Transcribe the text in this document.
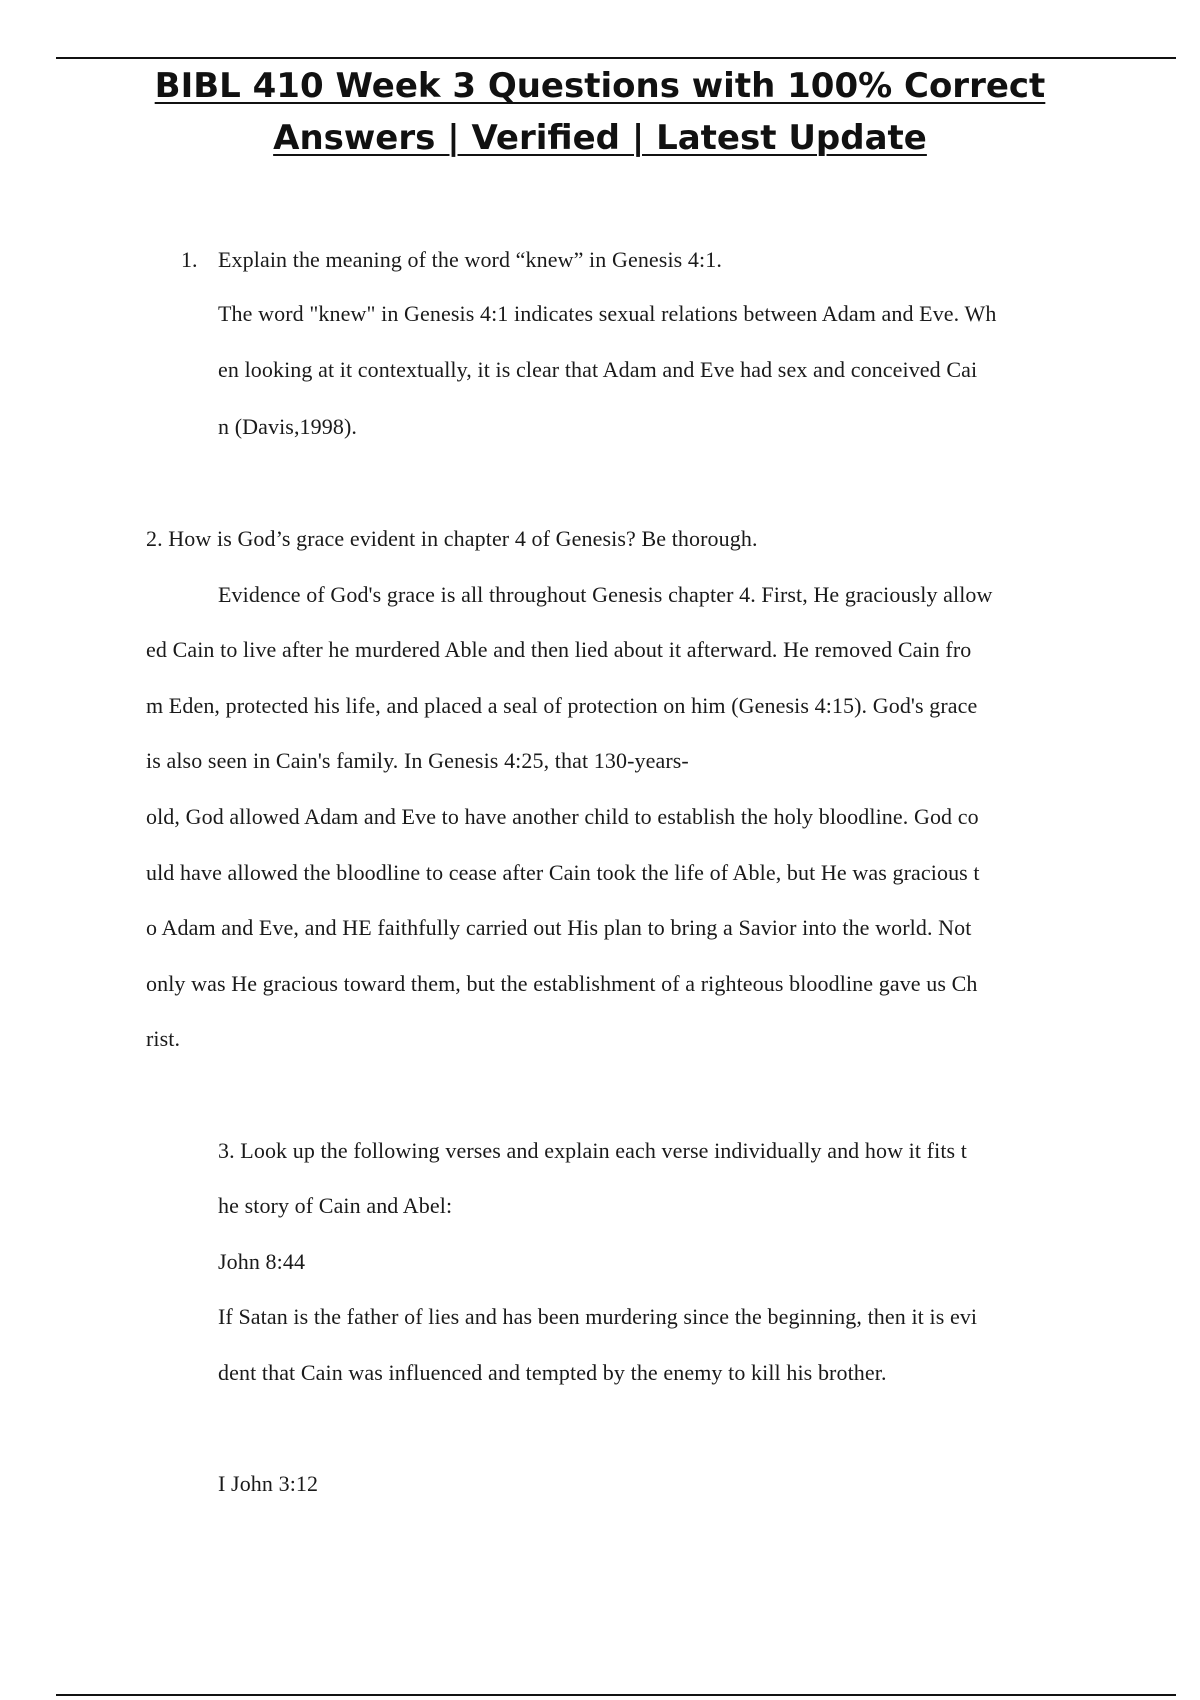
BIBL 410 Week 3 Questions with 100% Correct
Answers | Verified | Latest Update
1. Explain the meaning of the word “knew” in Genesis 4:1.
The word "knew" in Genesis 4:1 indicates sexual relations between Adam and Eve. Wh
en looking at it contextually, it is clear that Adam and Eve had sex and conceived Cai
n (Davis,1998).
2. How is God’s grace evident in chapter 4 of Genesis? Be thorough.
Evidence of God's grace is all throughout Genesis chapter 4. First, He graciously allow
ed Cain to live after he murdered Able and then lied about it afterward. He removed Cain fro
m Eden, protected his life, and placed a seal of protection on him (Genesis 4:15). God's grace
is also seen in Cain's family. In Genesis 4:25, that 130-years-
old, God allowed Adam and Eve to have another child to establish the holy bloodline. God co
uld have allowed the bloodline to cease after Cain took the life of Able, but He was gracious t
o Adam and Eve, and HE faithfully carried out His plan to bring a Savior into the world. Not
only was He gracious toward them, but the establishment of a righteous bloodline gave us Ch
rist.
3. Look up the following verses and explain each verse individually and how it fits t
he story of Cain and Abel:
John 8:44
If Satan is the father of lies and has been murdering since the beginning, then it is evi
dent that Cain was influenced and tempted by the enemy to kill his brother.
I John 3:12
